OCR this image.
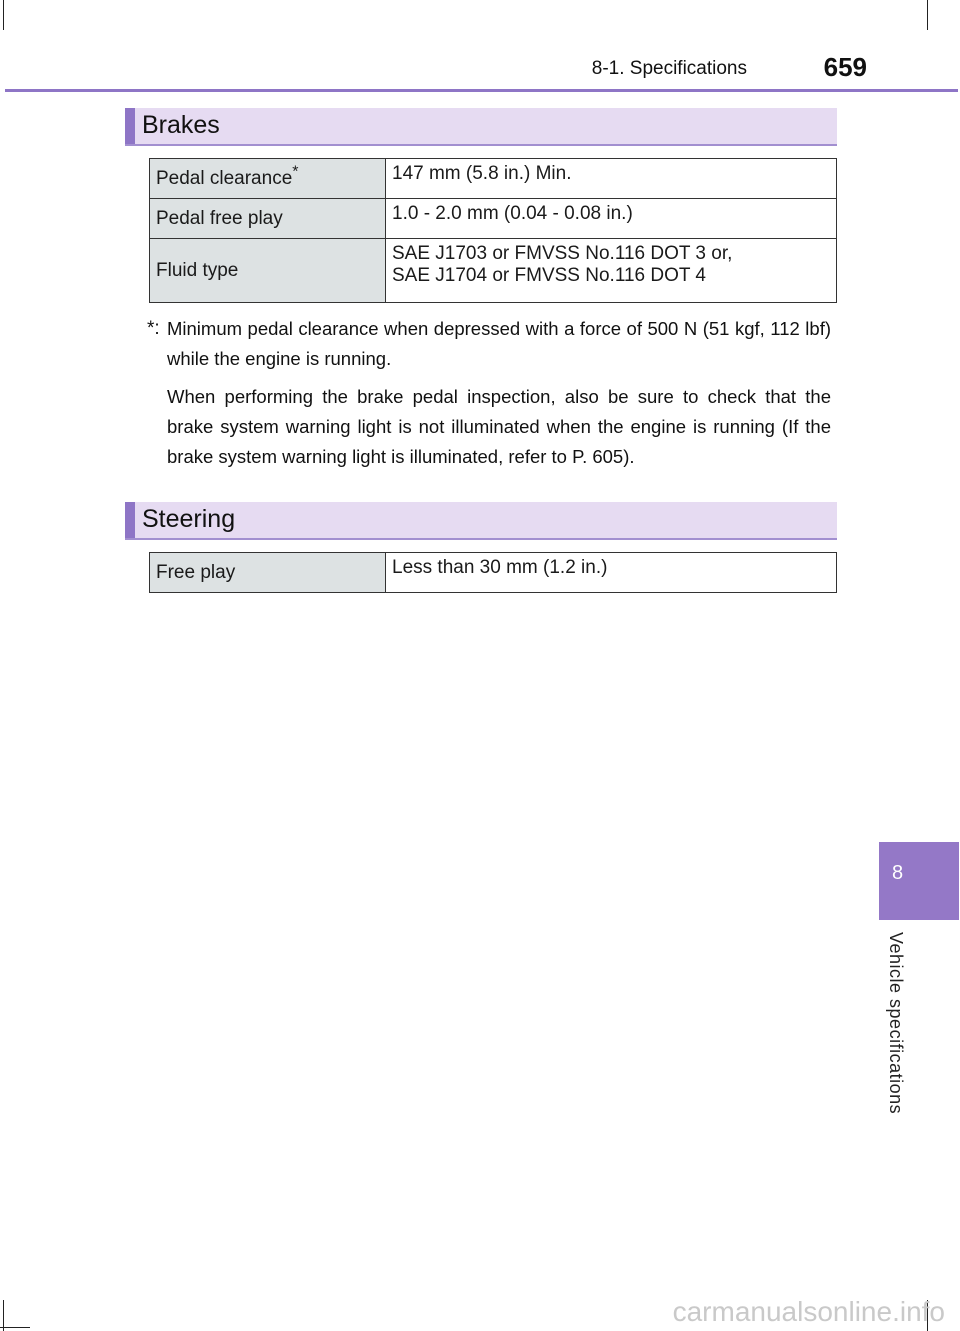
8-1. Specifications	659
Brakes
Pedal clearance*	147 mm (5.8 in.) Min.
Pedal free play	1.0 - 2.0 mm (0.04 - 0.08 in.)
Fluid type	SAE J1703 or FMVSS No.116 DOT 3 or,
SAE J1704 or FMVSS No.116 DOT 4
*: Minimum pedal clearance when depressed with a force of 500 N (51 kgf, 112 lbf) while the engine is running.

When performing the brake pedal inspection, also be sure to check that the brake system warning light is not illuminated when the engine is running (If the brake system warning light is illuminated, refer to P. 605).

Steering
Free play	Less than 30 mm (1.2 in.)
8
Vehicle specifications
carmanualsonline.info
